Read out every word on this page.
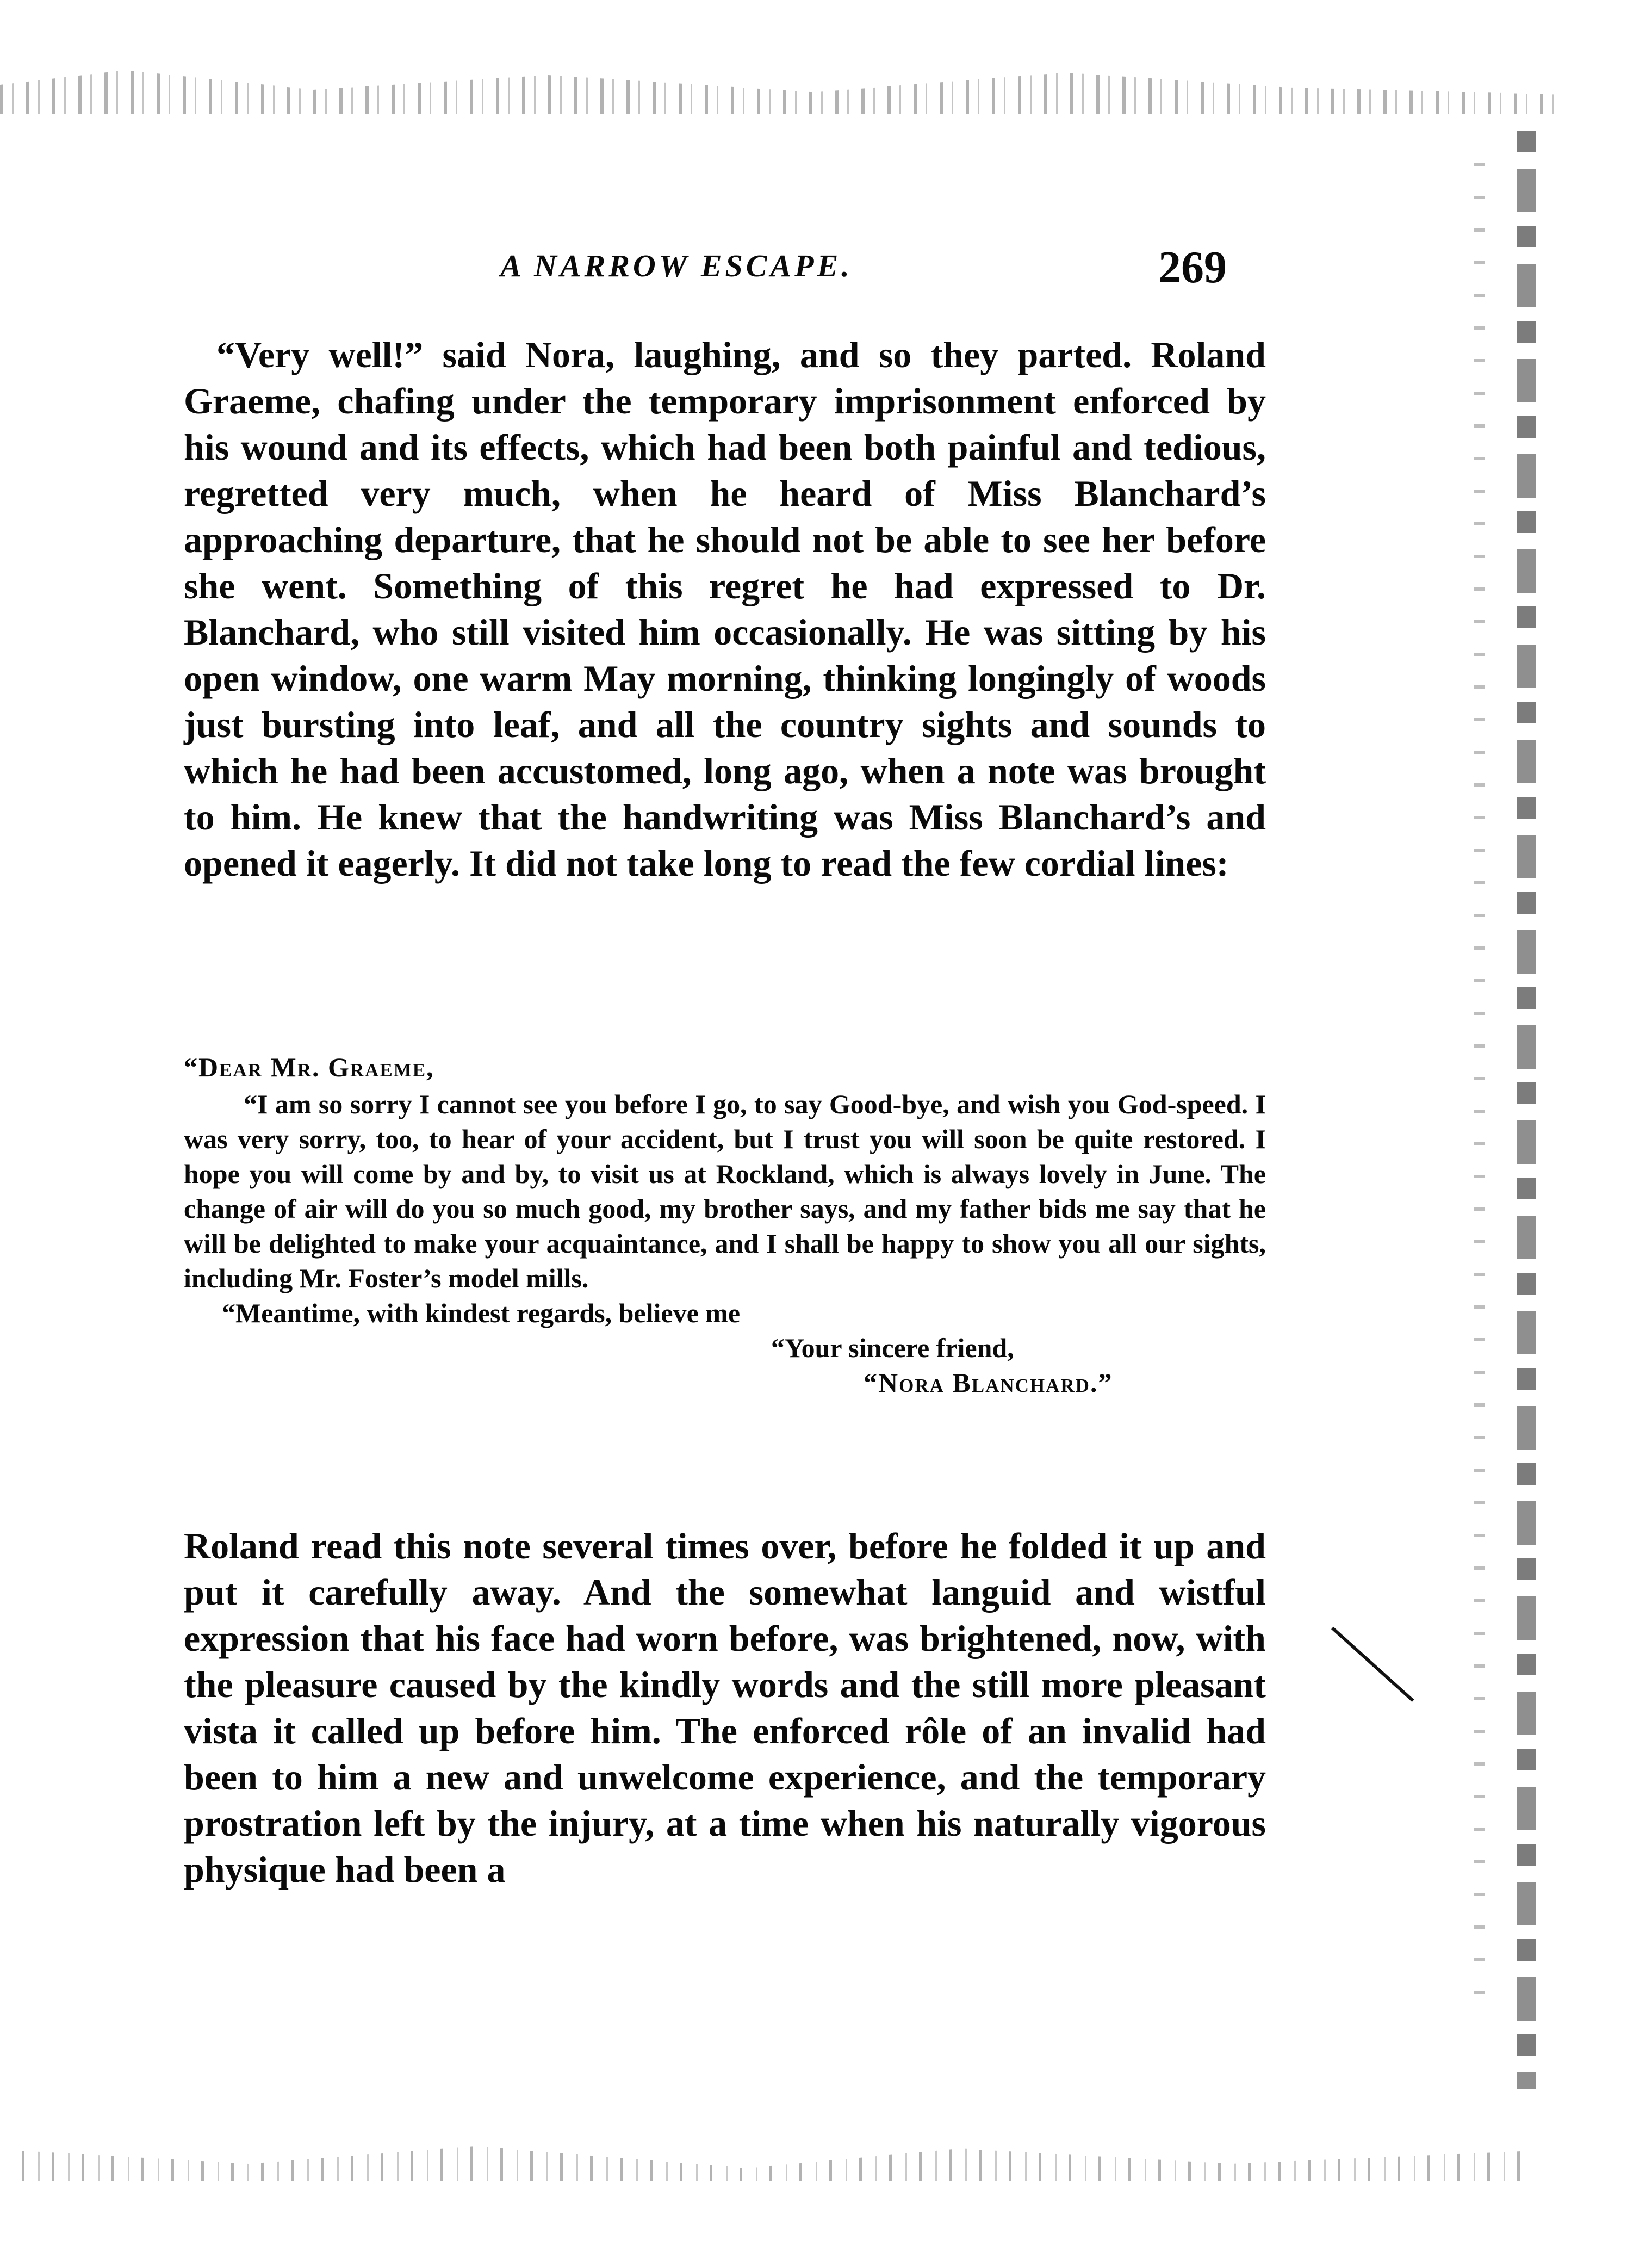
A NARROW ESCAPE.	269

“Very well!” said Nora, laughing, and so they parted. Roland Graeme, chafing under the temporary imprisonment enforced by his wound and its effects, which had been both painful and tedious, regretted very much, when he heard of Miss Blanchard’s approaching departure, that he should not be able to see her before she went. Something of this regret he had expressed to Dr. Blanchard, who still visited him occasionally. He was sitting by his open window, one warm May morning, thinking longingly of woods just bursting into leaf, and all the country sights and sounds to which he had been accustomed, long ago, when a note was brought to him. He knew that the handwriting was Miss Blanchard’s and opened it eagerly. It did not take long to read the few cordial lines:

“Dear Mr. Graeme,

“I am so sorry I cannot see you before I go, to say Good-bye, and wish you God-speed. I was very sorry, too, to hear of your accident, but I trust you will soon be quite restored. I hope you will come by and by, to visit us at Rockland, which is always lovely in June. The change of air will do you so much good, my brother says, and my father bids me say that he will be delighted to make your acquaintance, and I shall be happy to show you all our sights, including Mr. Foster’s model mills.

“Meantime, with kindest regards, believe me

“Your sincere friend,

“Nora Blanchard.”

Roland read this note several times over, before he folded it up and put it carefully away. And the somewhat languid and wistful expression that his face had worn before, was brightened, now, with the pleasure caused by the kindly words and the still more pleasant vista it called up before him. The enforced rôle of an invalid had been to him a new and unwelcome experience, and the temporary prostration left by the injury, at a time when his naturally vigorous physique had been a
